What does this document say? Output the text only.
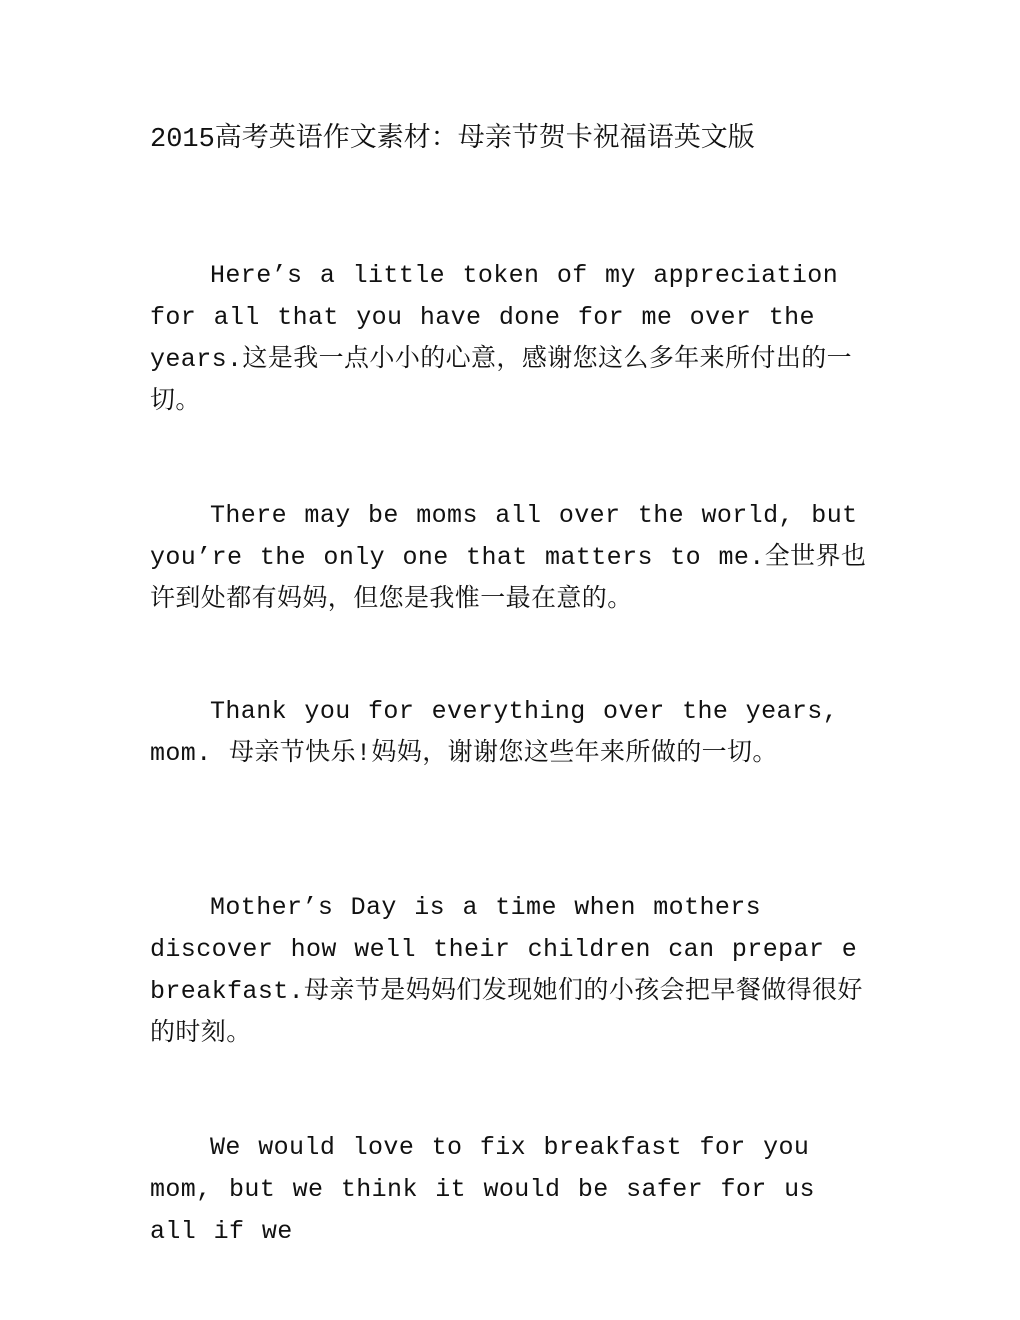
2015高考英语作文素材：母亲节贺卡祝福语英文版

Here’s a little token of my appreciation for all that you have done for me over the years.这是我一点小小的心意，感谢您这么多年来所付出的一切。

There may be moms all over the world, but you’re the only one that matters to me.全世界也许到处都有妈妈，但您是我惟一最在意的。

Thank you for everything over the years, mom. 母亲节快乐!妈妈，谢谢您这些年来所做的一切。

Mother’s Day is a time when mothers discover how well their children can prepar e breakfast.母亲节是妈妈们发现她们的小孩会把早餐做得很好的时刻。

We would love to fix breakfast for you mom, but we think it would be safer for us all if we
